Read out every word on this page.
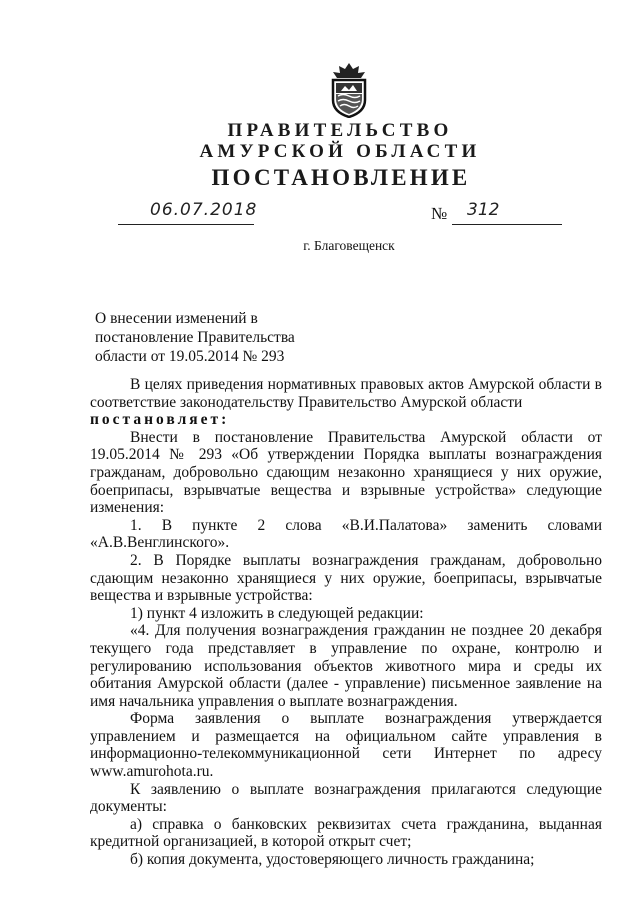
ПРАВИТЕЛЬСТВО
АМУРСКОЙ ОБЛАСТИ
ПОСТАНОВЛЕНИЕ
06.07.2018	№ 312
г. Благовещенск
О внесении изменений в
постановление Правительства
области от 19.05.2014 № 293

В целях приведения нормативных правовых актов Амурской области в соответствие законодательству Правительство Амурской области

постановляет:

Внести в постановление Правительства Амурской области от 19.05.2014 № 293 «Об утверждении Порядка выплаты вознаграждения гражданам, добровольно сдающим незаконно хранящиеся у них оружие, боеприпасы, взрывчатые вещества и взрывные устройства» следующие изменения:

1. В пункте 2 слова «В.И.Палатова» заменить словами «А.В.Венглинского».

2. В Порядке выплаты вознаграждения гражданам, добровольно сдающим незаконно хранящиеся у них оружие, боеприпасы, взрывчатые вещества и взрывные устройства:

1) пункт 4 изложить в следующей редакции:

«4. Для получения вознаграждения гражданин не позднее 20 декабря текущего года представляет в управление по охране, контролю и регулированию использования объектов животного мира и среды их обитания Амурской области (далее - управление) письменное заявление на имя начальника управления о выплате вознаграждения.

Форма заявления о выплате вознаграждения утверждается управлением и размещается на официальном сайте управления в информационно-телекоммуникационной сети Интернет по адресу www.amurohota.ru.

К заявлению о выплате вознаграждения прилагаются следующие документы:

а) справка о банковских реквизитах счета гражданина, выданная кредитной организацией, в которой открыт счет;

б) копия документа, удостоверяющего личность гражданина;
